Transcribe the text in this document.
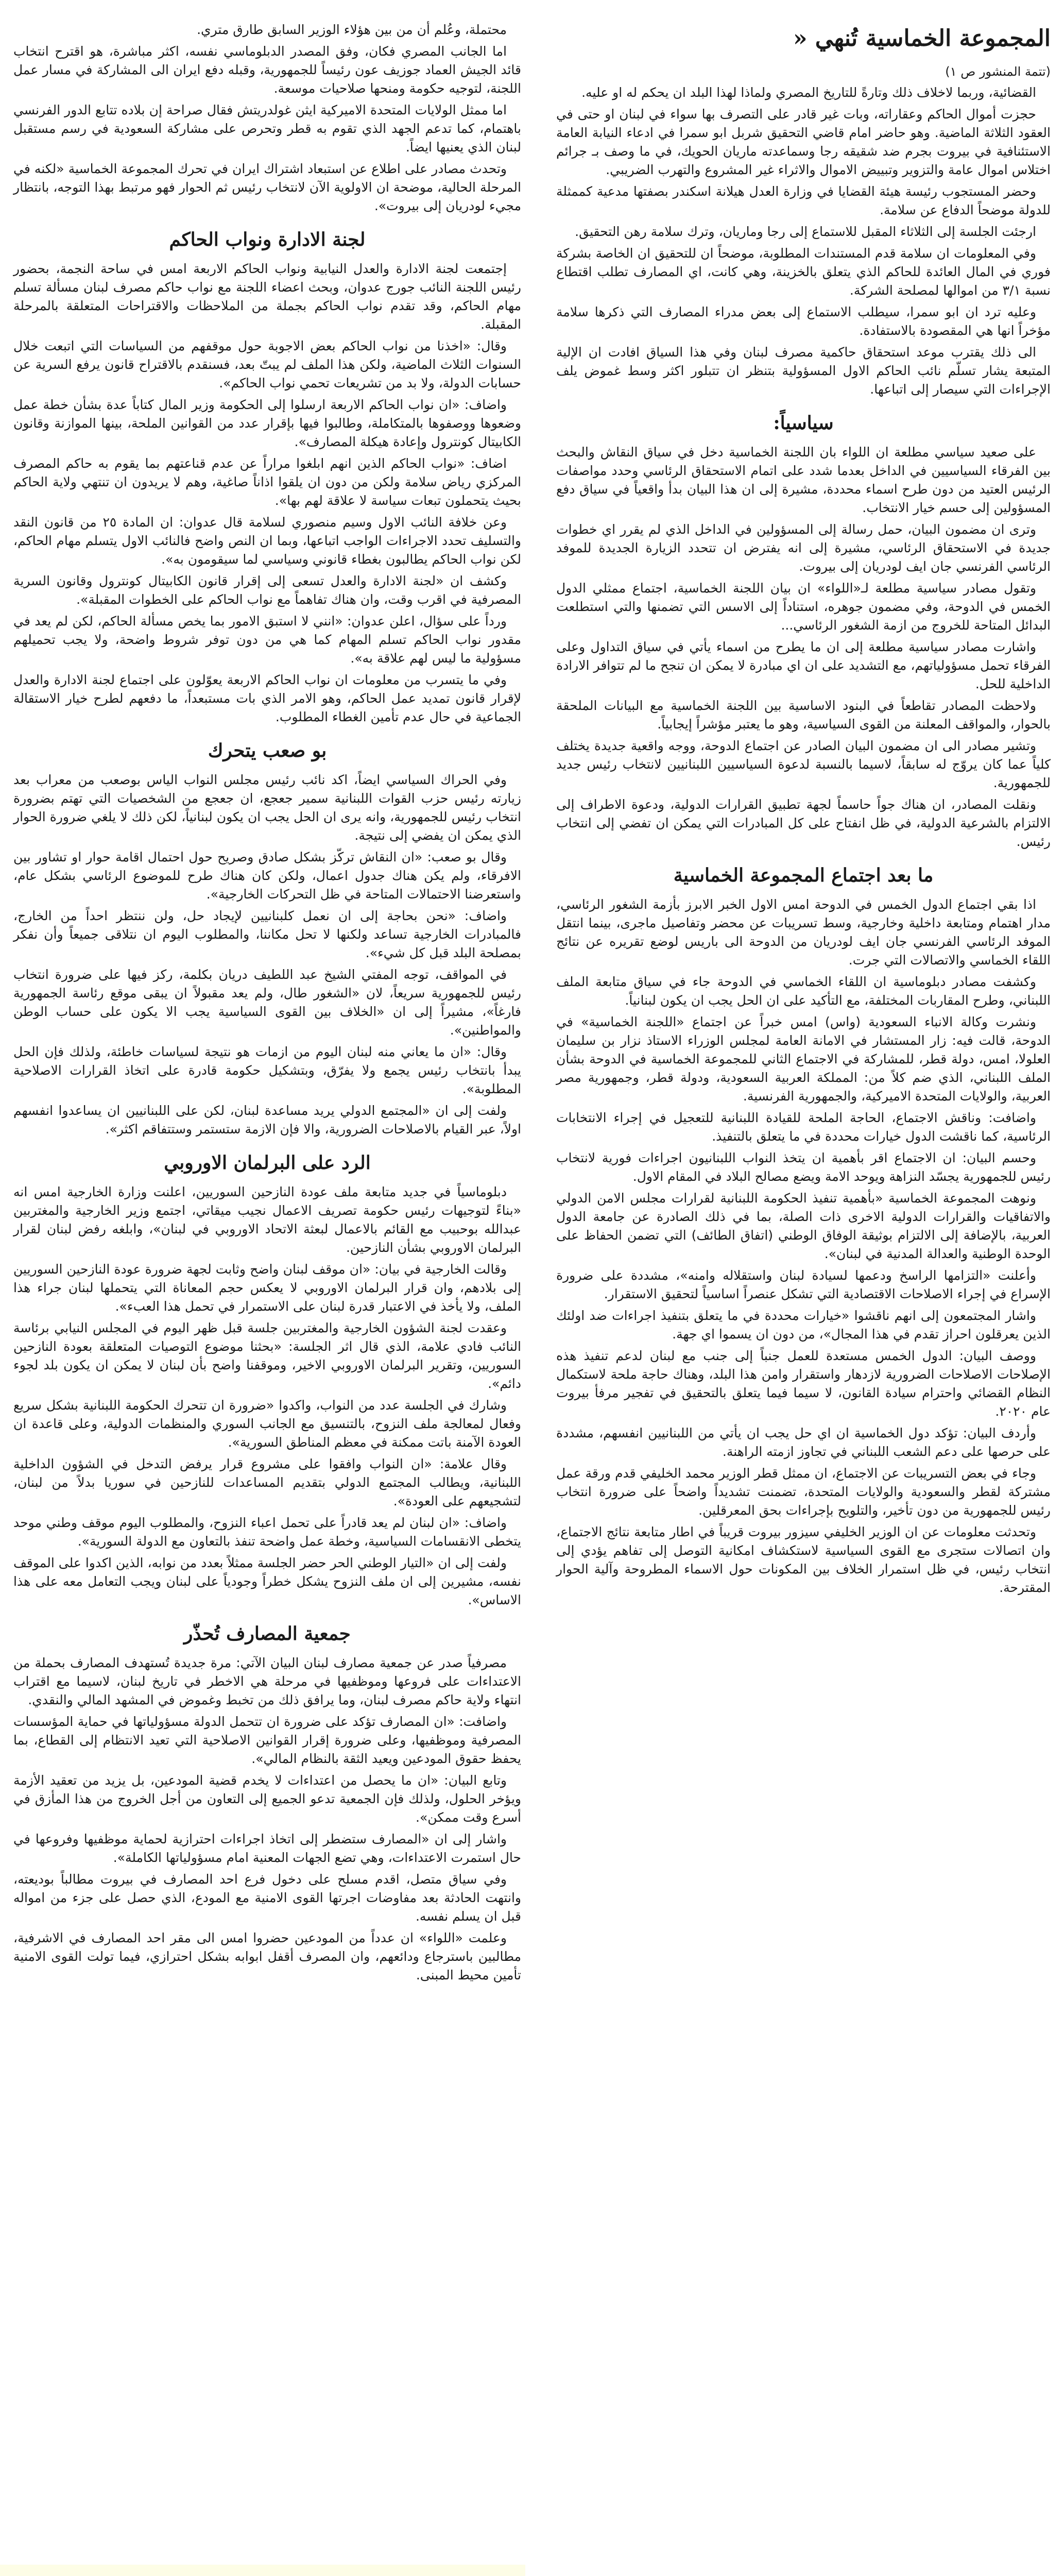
المجموعة الخماسية تُنهي «
(تتمة المنشور ص ١)
القضائية، وربما لاخلاف ذلك وتارةً للتاريخ المصري ولماذا لهذا البلد ان يحكم له او عليه.
حجزت أموال الحاكم وعقاراته، وبات غير قادر على التصرف بها سواء في لبنان او حتى في العقود الثلاثة الماضية. وهو حاضر امام قاضي التحقيق شربل ابو سمرا في ادعاء النيابة العامة الاستئنافية في بيروت بجرم ضد شقيقه رجا وسماعدته ماريان الحويك، في ما وصف بـ جرائم اختلاس اموال عامة والتزوير وتبييض الاموال والاثراء غير المشروع والتهرب الضريبي.
وحضر المستجوب رئيسة هيئة القضايا في وزارة العدل هيلانة اسكندر بصفتها مدعية كممثلة للدولة موضحاً الدفاع عن سلامة.
ارجئت الجلسة إلى الثلاثاء المقبل للاستماع إلى رجا وماريان، وترك سلامة رهن التحقيق.
وفي المعلومات ان سلامة قدم المستندات المطلوبة، موضحاً ان للتحقيق ان الخاصة بشركة فوري في المال العائدة للحاكم الذي يتعلق بالخزينة، وهي كانت، اي المصارف تطلب اقتطاع نسبة ٣/١ من اموالها لمصلحة الشركة.
وعليه ترد ان ابو سمرا، سيطلب الاستماع إلى بعض مدراء المصارف التي ذكرها سلامة مؤخراً انها هي المقصودة بالاستفادة.
الى ذلك يقترب موعد استحقاق حاكمية مصرف لبنان وفي هذا السياق افادت ان الإلية المتبعة يشار تسلّم نائب الحاكم الاول المسؤولية بتنظر ان تتبلور اكثر وسط غموض يلف الإجراءات التي سيصار إلى اتباعها.
سياسياً:
على صعيد سياسي مطلعة ان اللواء بان اللجنة الخماسية دخل في سياق النقاش والبحث بين الفرقاء السياسيين في الداخل بعدما شدد على اتمام الاستحقاق الرئاسي وحدد مواصفات الرئيس العتيد من دون طرح اسماء محددة، مشيرة إلى ان هذا البيان بدأ واقعياً في سياق دفع المسؤولين إلى حسم خيار الانتخاب.
وترى ان مضمون البيان، حمل رسالة إلى المسؤولين في الداخل الذي لم يقرر اي خطوات جديدة في الاستحقاق الرئاسي، مشيرة إلى انه يفترض ان تتحدد الزيارة الجديدة للموفد الرئاسي الفرنسي جان ايف لودريان إلى بيروت.
وتقول مصادر سياسية مطلعة لـ«اللواء» ان بيان اللجنة الخماسية، اجتماع ممثلي الدول الخمس في الدوحة، وفي مضمون جوهره، استناداً إلى الاسس التي تضمنها والتي استطلعت البدائل المتاحة للخروج من ازمة الشغور الرئاسي...
واشارت مصادر سياسية مطلعة إلى ان ما يطرح من اسماء يأتي في سياق التداول وعلى الفرقاء تحمل مسؤولياتهم، مع التشديد على ان اي مبادرة لا يمكن ان تنجح ما لم تتوافر الارادة الداخلية للحل.
ولاحظت المصادر تقاطعاً في البنود الاساسية بين اللجنة الخماسية مع البيانات الملحقة بالحوار، والمواقف المعلنة من القوى السياسية، وهو ما يعتبر مؤشراً إيجابياً.
وتشير مصادر الى ان مضمون البيان الصادر عن اجتماع الدوحة، ووجه واقعية جديدة يختلف كلياً عما كان يروّج له سابقاً، لاسيما بالنسبة لدعوة السياسيين اللبنانيين لانتخاب رئيس جديد للجمهورية.
ونقلت المصادر، ان هناك جواً حاسماً لجهة تطبيق القرارات الدولية، ودعوة الاطراف إلى الالتزام بالشرعية الدولية، في ظل انفتاح على كل المبادرات التي يمكن ان تفضي إلى انتخاب رئيس.
ما بعد اجتماع المجموعة الخماسية
اذا بقي اجتماع الدول الخمس في الدوحة امس الاول الخبر الابرز بأزمة الشغور الرئاسي، مدار اهتمام ومتابعة داخلية وخارجية، وسط تسريبات عن محضر وتفاصيل ماجرى، بينما انتقل الموفد الرئاسي الفرنسي جان ايف لودريان من الدوحة الى باريس لوضع تقريره عن نتائج اللقاء الخماسي والاتصالات التي جرت.
وكشفت مصادر دبلوماسية ان اللقاء الخماسي في الدوحة جاء في سياق متابعة الملف اللبناني، وطرح المقاربات المختلفة، مع التأكيد على ان الحل يجب ان يكون لبنانياً.
ونشرت وكالة الانباء السعودية (واس) امس خبراً عن اجتماع «اللجنة الخماسية» في الدوحة، قالت فيه: زار المستشار في الامانة العامة لمجلس الوزراء الاستاذ نزار بن سليمان العلولا، امس، دولة قطر، للمشاركة في الاجتماع الثاني للمجموعة الخماسية في الدوحة بشأن الملف اللبناني، الذي ضم كلاً من: المملكة العربية السعودية، ودولة قطر، وجمهورية مصر العربية، والولايات المتحدة الاميركية، والجمهورية الفرنسية.
واضافت: وناقش الاجتماع، الحاجة الملحة للقيادة اللبنانية للتعجيل في إجراء الانتخابات الرئاسية، كما ناقشت الدول خيارات محددة في ما يتعلق بالتنفيذ.
وحسم البيان: ان الاجتماع اقر بأهمية ان يتخذ النواب اللبنانيون اجراءات فورية لانتخاب رئيس للجمهورية يجسّد النزاهة ويوحد الامة ويضع مصالح البلاد في المقام الاول.
ونوهت المجموعة الخماسية «بأهمية تنفيذ الحكومة اللبنانية لقرارات مجلس الامن الدولي والاتفاقيات والقرارات الدولية الاخرى ذات الصلة، بما في ذلك الصادرة عن جامعة الدول العربية، بالإضافة إلى الالتزام بوثيقة الوفاق الوطني (اتفاق الطائف) التي تضمن الحفاظ على الوحدة الوطنية والعدالة المدنية في لبنان».
وأعلنت «التزامها الراسخ ودعمها لسيادة لبنان واستقلاله وامنه»، مشددة على ضرورة الإسراع في إجراء الاصلاحات الاقتصادية التي تشكل عنصراً اساسياً لتحقيق الاستقرار.
واشار المجتمعون إلى انهم ناقشوا «خيارات محددة في ما يتعلق بتنفيذ اجراءات ضد اولئك الذين يعرقلون احراز تقدم في هذا المجال»، من دون ان يسموا اي جهة.
ووصف البيان: الدول الخمس مستعدة للعمل جنباً إلى جنب مع لبنان لدعم تنفيذ هذه الإصلاحات الاصلاحات الضرورية لازدهار واستقرار وامن هذا البلد، وهناك حاجة ملحة لاستكمال النظام القضائي واحترام سيادة القانون، لا سيما فيما يتعلق بالتحقيق في تفجير مرفأ بيروت عام ٢٠٢٠.
وأردف البيان: تؤكد دول الخماسية ان اي حل يجب ان يأتي من اللبنانيين انفسهم، مشددة على حرصها على دعم الشعب اللبناني في تجاوز ازمته الراهنة.
وجاء في بعض التسريبات عن الاجتماع، ان ممثل قطر الوزير محمد الخليفي قدم ورقة عمل مشتركة لقطر والسعودية والولايات المتحدة، تضمنت تشديداً واضحاً على ضرورة انتخاب رئيس للجمهورية من دون تأخير، والتلويح بإجراءات بحق المعرقلين.
وتحدثت معلومات عن ان الوزير الخليفي سيزور بيروت قريباً في اطار متابعة نتائج الاجتماع، وان اتصالات ستجرى مع القوى السياسية لاستكشاف امكانية التوصل إلى تفاهم يؤدي إلى انتخاب رئيس، في ظل استمرار الخلاف بين المكونات حول الاسماء المطروحة وآلية الحوار المقترحة.
محتملة، وعُلم أن من بين هؤلاء الوزير السابق طارق متري.
اما الجانب المصري فكان، وفق المصدر الدبلوماسي نفسه، اكثر مباشرة، هو اقترح انتخاب قائد الجيش العماد جوزيف عون رئيساً للجمهورية، وقبله دفع ايران الى المشاركة في مسار عمل اللجنة، لتوجيه حكومة ومنحها صلاحيات موسعة.
اما ممثل الولايات المتحدة الاميركية ايثن غولدريتش فقال صراحة إن بلاده تتابع الدور الفرنسي باهتمام، كما تدعم الجهد الذي تقوم به قطر وتحرص على مشاركة السعودية في رسم مستقبل لبنان الذي يعنيها ايضاً.
وتحدث مصادر على اطلاع عن استبعاد اشتراك ايران في تحرك المجموعة الخماسية «لكنه في المرحلة الحالية، موضحة ان الاولوية الآن لانتخاب رئيس ثم الحوار فهو مرتبط بهذا التوجه، بانتظار مجيء لودريان إلى بيروت».
لجنة الادارة ونواب الحاكم
إجتمعت لجنة الادارة والعدل النيابية ونواب الحاكم الاربعة امس في ساحة النجمة، بحضور رئيس اللجنة النائب جورج عدوان، وبحث اعضاء اللجنة مع نواب حاكم مصرف لبنان مسألة تسلم مهام الحاكم، وقد تقدم نواب الحاكم بجملة من الملاحظات والاقتراحات المتعلقة بالمرحلة المقبلة.
وقال: «اخذنا من نواب الحاكم بعض الاجوبة حول موقفهم من السياسات التي اتبعت خلال السنوات الثلاث الماضية، ولكن هذا الملف لم يبتّ بعد، فسنقدم بالاقتراح قانون يرفع السرية عن حسابات الدولة، ولا بد من تشريعات تحمي نواب الحاكم».
واضاف: «ان نواب الحاكم الاربعة ارسلوا إلى الحكومة وزير المال كتاباً عدة بشأن خطة عمل وضعوها ووصفوها بالمتكاملة، وطالبوا فيها بإقرار عدد من القوانين الملحة، بينها الموازنة وقانون الكابيتال كونترول وإعادة هيكلة المصارف».
اضاف: «نواب الحاكم الذين انهم ابلغوا مراراً عن عدم قناعتهم بما يقوم به حاكم المصرف المركزي رياض سلامة ولكن من دون ان يلقوا اذاناً صاغية، وهم لا يريدون ان تنتهي ولاية الحاكم بحيث يتحملون تبعات سياسة لا علاقة لهم بها».
وعن خلافة النائب الاول وسيم منصوري لسلامة قال عدوان: ان المادة ٢٥ من قانون النقد والتسليف تحدد الاجراءات الواجب اتباعها، وبما ان النص واضح فالنائب الاول يتسلم مهام الحاكم، لكن نواب الحاكم يطالبون بغطاء قانوني وسياسي لما سيقومون به».
وكشف ان «لجنة الادارة والعدل تسعى إلى إقرار قانون الكابيتال كونترول وقانون السرية المصرفية في اقرب وقت، وان هناك تفاهماً مع نواب الحاكم على الخطوات المقبلة».
ورداً على سؤال، اعلن عدوان: «انني لا استبق الامور بما يخص مسألة الحاكم، لكن لم يعد في مقدور نواب الحاكم تسلم المهام كما هي من دون توفر شروط واضحة، ولا يجب تحميلهم مسؤولية ما ليس لهم علاقة به».
وفي ما يتسرب من معلومات ان نواب الحاكم الاربعة يعوّلون على اجتماع لجنة الادارة والعدل لإقرار قانون تمديد عمل الحاكم، وهو الامر الذي بات مستبعداً، ما دفعهم لطرح خيار الاستقالة الجماعية في حال عدم تأمين الغطاء المطلوب.
بو صعب يتحرك
وفي الحراك السياسي ايضاً، اكد نائب رئيس مجلس النواب الياس بوصعب من معراب بعد زيارته رئيس حزب القوات اللبنانية سمير جعجع، ان جعجع من الشخصيات التي تهتم بضرورة انتخاب رئيس للجمهورية، وانه يرى ان الحل يجب ان يكون لبنانياً، لكن ذلك لا يلغي ضرورة الحوار الذي يمكن ان يفضي إلى نتيجة.
وقال بو صعب: «ان النقاش تركّز بشكل صادق وصريح حول احتمال اقامة حوار او تشاور بين الافرقاء، ولم يكن هناك جدول اعمال، ولكن كان هناك طرح للموضوع الرئاسي بشكل عام، واستعرضنا الاحتمالات المتاحة في ظل التحركات الخارجية».
واضاف: «نحن بحاجة إلى ان نعمل كلبنانيين لإيجاد حل، ولن ننتظر احداً من الخارج، فالمبادرات الخارجية تساعد ولكنها لا تحل مكاننا، والمطلوب اليوم ان نتلاقى جميعاً وأن نفكر بمصلحة البلد قبل كل شيء».
في المواقف، توجه المفتي الشيخ عبد اللطيف دريان بكلمة، ركز فيها على ضرورة انتخاب رئيس للجمهورية سريعاً، لان «الشغور طال، ولم يعد مقبولاً ان يبقى موقع رئاسة الجمهورية فارغاً»، مشيراً إلى ان «الخلاف بين القوى السياسية يجب الا يكون على حساب الوطن والمواطنين».
وقال: «ان ما يعاني منه لبنان اليوم من ازمات هو نتيجة لسياسات خاطئة، ولذلك فإن الحل يبدأ بانتخاب رئيس يجمع ولا يفرّق، وبتشكيل حكومة قادرة على اتخاذ القرارات الاصلاحية المطلوبة».
ولفت إلى ان «المجتمع الدولي يريد مساعدة لبنان، لكن على اللبنانيين ان يساعدوا انفسهم اولاً، عبر القيام بالاصلاحات الضرورية، والا فإن الازمة ستستمر وستتفاقم اكثر».
الرد على البرلمان الاوروبي
دبلوماسياً في جديد متابعة ملف عودة النازحين السوريين، اعلنت وزارة الخارجية امس انه «بناءً لتوجيهات رئيس حكومة تصريف الاعمال نجيب ميقاتي، اجتمع وزير الخارجية والمغتربين عبدالله بوحبيب مع القائم بالاعمال لبعثة الاتحاد الاوروبي في لبنان»، وابلغه رفض لبنان لقرار البرلمان الاوروبي بشأن النازحين.
وقالت الخارجية في بيان: «ان موقف لبنان واضح وثابت لجهة ضرورة عودة النازحين السوريين إلى بلادهم، وان قرار البرلمان الاوروبي لا يعكس حجم المعاناة التي يتحملها لبنان جراء هذا الملف، ولا يأخذ في الاعتبار قدرة لبنان على الاستمرار في تحمل هذا العبء».
وعقدت لجنة الشؤون الخارجية والمغتربين جلسة قبل ظهر اليوم في المجلس النيابي برئاسة النائب فادي علامة، الذي قال اثر الجلسة: «بحثنا موضوع التوصيات المتعلقة بعودة النازحين السوريين، وتقرير البرلمان الاوروبي الاخير، وموقفنا واضح بأن لبنان لا يمكن ان يكون بلد لجوء دائم».
وشارك في الجلسة عدد من النواب، واكدوا «ضرورة ان تتحرك الحكومة اللبنانية بشكل سريع وفعال لمعالجة ملف النزوح، بالتنسيق مع الجانب السوري والمنظمات الدولية، وعلى قاعدة ان العودة الآمنة باتت ممكنة في معظم المناطق السورية».
وقال علامة: «ان النواب وافقوا على مشروع قرار يرفض التدخل في الشؤون الداخلية اللبنانية، ويطالب المجتمع الدولي بتقديم المساعدات للنازحين في سوريا بدلاً من لبنان، لتشجيعهم على العودة».
واضاف: «ان لبنان لم يعد قادراً على تحمل اعباء النزوح، والمطلوب اليوم موقف وطني موحد يتخطى الانقسامات السياسية، وخطة عمل واضحة تنفذ بالتعاون مع الدولة السورية».
ولفت إلى ان «التيار الوطني الحر حضر الجلسة ممثلاً بعدد من نوابه، الذين اكدوا على الموقف نفسه، مشيرين إلى ان ملف النزوح يشكل خطراً وجودياً على لبنان ويجب التعامل معه على هذا الاساس».
جمعية المصارف تُحذّر
مصرفياً صدر عن جمعية مصارف لبنان البيان الآتي: مرة جديدة تُستهدف المصارف بحملة من الاعتداءات على فروعها وموظفيها في مرحلة هي الاخطر في تاريخ لبنان، لاسيما مع اقتراب انتهاء ولاية حاكم مصرف لبنان، وما يرافق ذلك من تخبط وغموض في المشهد المالي والنقدي.
واضافت: «ان المصارف تؤكد على ضرورة ان تتحمل الدولة مسؤولياتها في حماية المؤسسات المصرفية وموظفيها، وعلى ضرورة إقرار القوانين الاصلاحية التي تعيد الانتظام إلى القطاع، بما يحفظ حقوق المودعين ويعيد الثقة بالنظام المالي».
وتابع البيان: «ان ما يحصل من اعتداءات لا يخدم قضية المودعين، بل يزيد من تعقيد الأزمة ويؤخر الحلول، ولذلك فإن الجمعية تدعو الجميع إلى التعاون من أجل الخروج من هذا المأزق في أسرع وقت ممكن».
واشار إلى ان «المصارف ستضطر إلى اتخاذ اجراءات احترازية لحماية موظفيها وفروعها في حال استمرت الاعتداءات، وهي تضع الجهات المعنية امام مسؤولياتها الكاملة».
وفي سياق متصل، اقدم مسلح على دخول فرع احد المصارف في بيروت مطالباً بوديعته، وانتهت الحادثة بعد مفاوضات اجرتها القوى الامنية مع المودع، الذي حصل على جزء من امواله قبل ان يسلم نفسه.
وعلمت «اللواء» ان عدداً من المودعين حضروا امس الى مقر احد المصارف في الاشرفية، مطالبين باسترجاع ودائعهم، وان المصرف أقفل ابوابه بشكل احترازي، فيما تولت القوى الامنية تأمين محيط المبنى.
